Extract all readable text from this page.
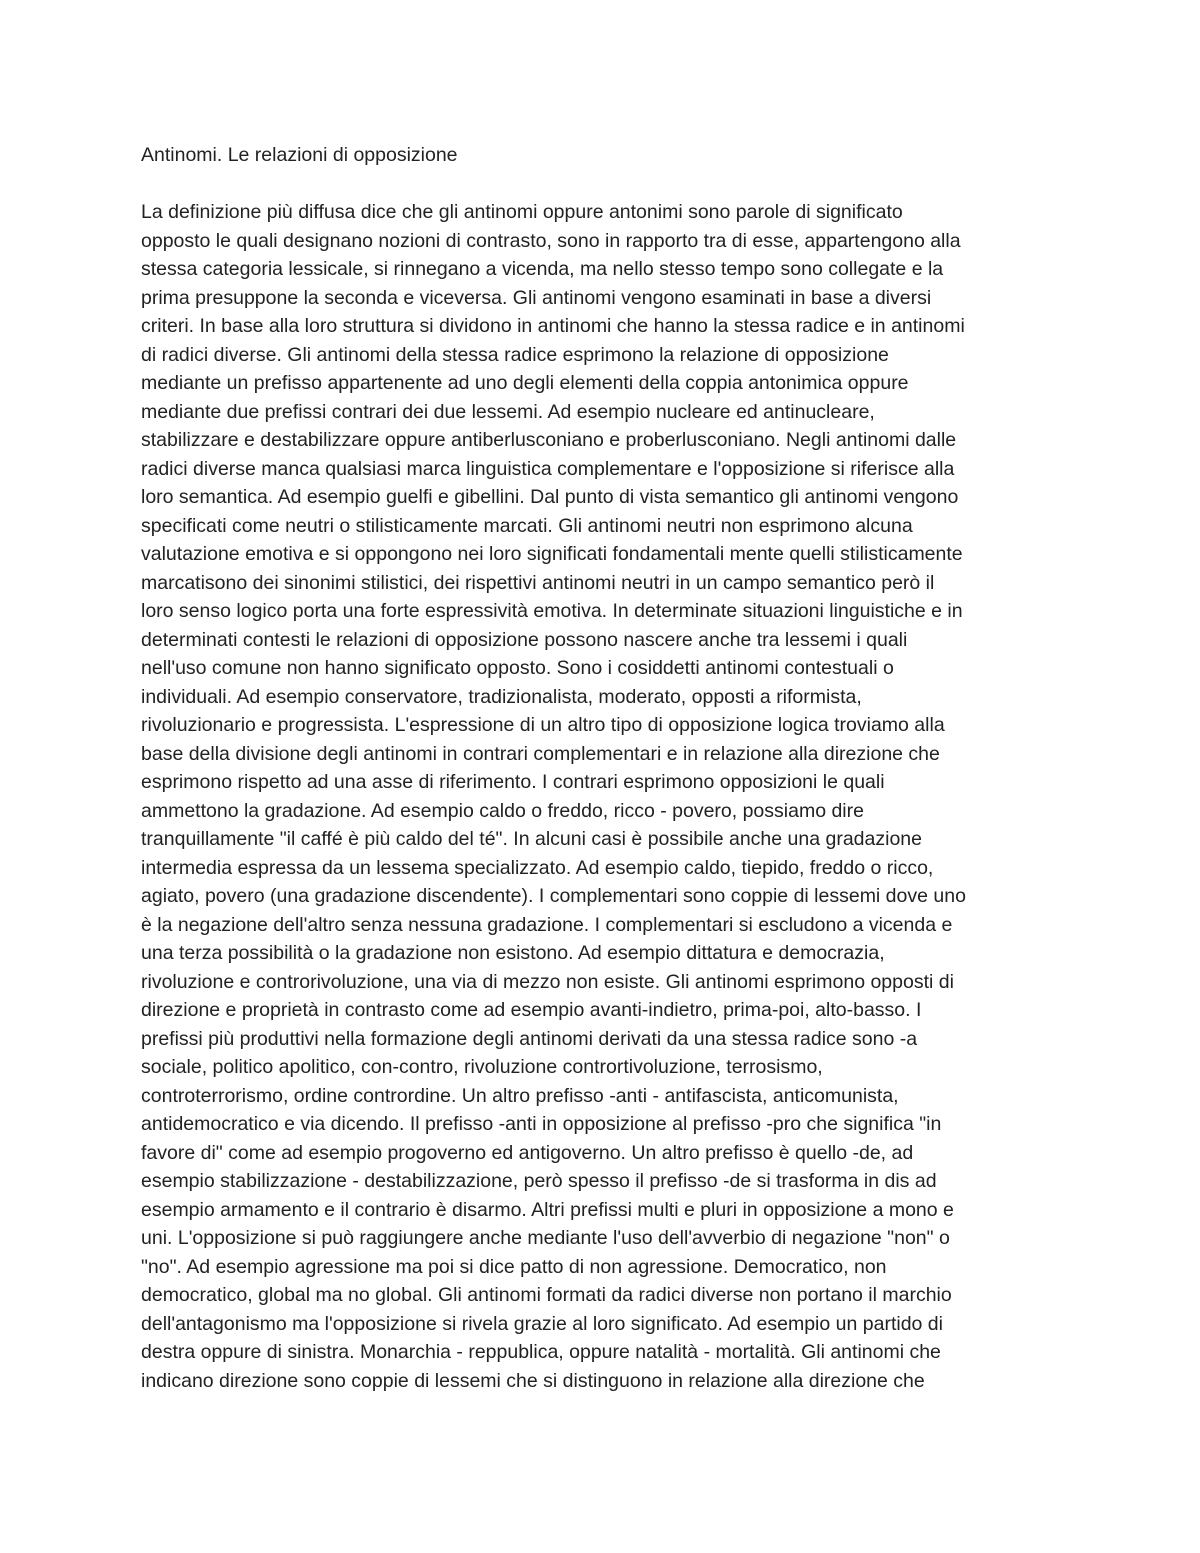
Antinomi. Le relazioni di opposizione
La definizione più diffusa dice che gli antinomi oppure antonimi sono parole di significato
opposto le quali designano nozioni di contrasto, sono in rapporto tra di esse, appartengono alla
stessa categoria lessicale, si rinnegano a vicenda, ma nello stesso tempo sono collegate e la
prima presuppone la seconda e viceversa. Gli antinomi vengono esaminati in base a diversi
criteri. In base alla loro struttura si dividono in antinomi che hanno la stessa radice e in antinomi
di radici diverse. Gli antinomi della stessa radice esprimono la relazione di opposizione
mediante un prefisso appartenente ad uno degli elementi della coppia antonimica oppure
mediante due prefissi contrari dei due lessemi. Ad esempio nucleare ed antinucleare,
stabilizzare e destabilizzare oppure antiberlusconiano e proberlusconiano. Negli antinomi dalle
radici diverse manca qualsiasi marca linguistica complementare e l'opposizione si riferisce alla
loro semantica. Ad esempio guelfi e gibellini. Dal punto di vista semantico gli antinomi vengono
specificati come neutri o stilisticamente marcati. Gli antinomi neutri non esprimono alcuna
valutazione emotiva e si oppongono nei loro significati fondamentali mente quelli stilisticamente
marcatisono dei sinonimi stilistici, dei rispettivi antinomi neutri in un campo semantico però il
loro senso logico porta una forte espressività emotiva. In determinate situazioni linguistiche e in
determinati contesti le relazioni di opposizione possono nascere anche tra lessemi i quali
nell'uso comune non hanno significato opposto. Sono i cosiddetti antinomi contestuali o
individuali. Ad esempio conservatore, tradizionalista, moderato, opposti a riformista,
rivoluzionario e progressista. L'espressione di un altro tipo di opposizione logica troviamo alla
base della divisione degli antinomi in contrari complementari e in relazione alla direzione che
esprimono rispetto ad una asse di riferimento. I contrari esprimono opposizioni le quali
ammettono la gradazione. Ad esempio caldo o freddo, ricco - povero, possiamo dire
tranquillamente "il caffé è più caldo del té". In alcuni casi è possibile anche una gradazione
intermedia espressa da un lessema specializzato. Ad esempio caldo, tiepido, freddo o ricco,
agiato, povero (una gradazione discendente). I complementari sono coppie di lessemi dove uno
è la negazione dell'altro senza nessuna gradazione. I complementari si escludono a vicenda e
una terza possibilità o la gradazione non esistono. Ad esempio dittatura e democrazia,
rivoluzione e controrivoluzione, una via di mezzo non esiste. Gli antinomi esprimono opposti di
direzione e proprietà in contrasto come ad esempio avanti-indietro, prima-poi, alto-basso. I
prefissi più produttivi nella formazione degli antinomi derivati da una stessa radice sono -a
sociale, politico apolitico, con-contro, rivoluzione contrortivoluzione, terrosismo,
controterrorismo, ordine contrordine. Un altro prefisso -anti - antifascista, anticomunista,
antidemocratico e via dicendo. Il prefisso -anti in opposizione al prefisso -pro che significa "in
favore di" come ad esempio progoverno ed antigoverno. Un altro prefisso è quello -de, ad
esempio stabilizzazione - destabilizzazione, però spesso il prefisso -de si trasforma in dis ad
esempio armamento e il contrario è disarmo. Altri prefissi multi e pluri in opposizione a mono e
uni. L'opposizione si può raggiungere anche mediante l'uso dell'avverbio di negazione "non" o
"no". Ad esempio agressione ma poi si dice patto di non agressione. Democratico, non
democratico, global ma no global. Gli antinomi formati da radici diverse non portano il marchio
dell'antagonismo ma l'opposizione si rivela grazie al loro significato. Ad esempio un partido di
destra oppure di sinistra. Monarchia - reppublica, oppure natalità - mortalità. Gli antinomi che
indicano direzione sono coppie di lessemi che si distinguono in relazione alla direzione che
